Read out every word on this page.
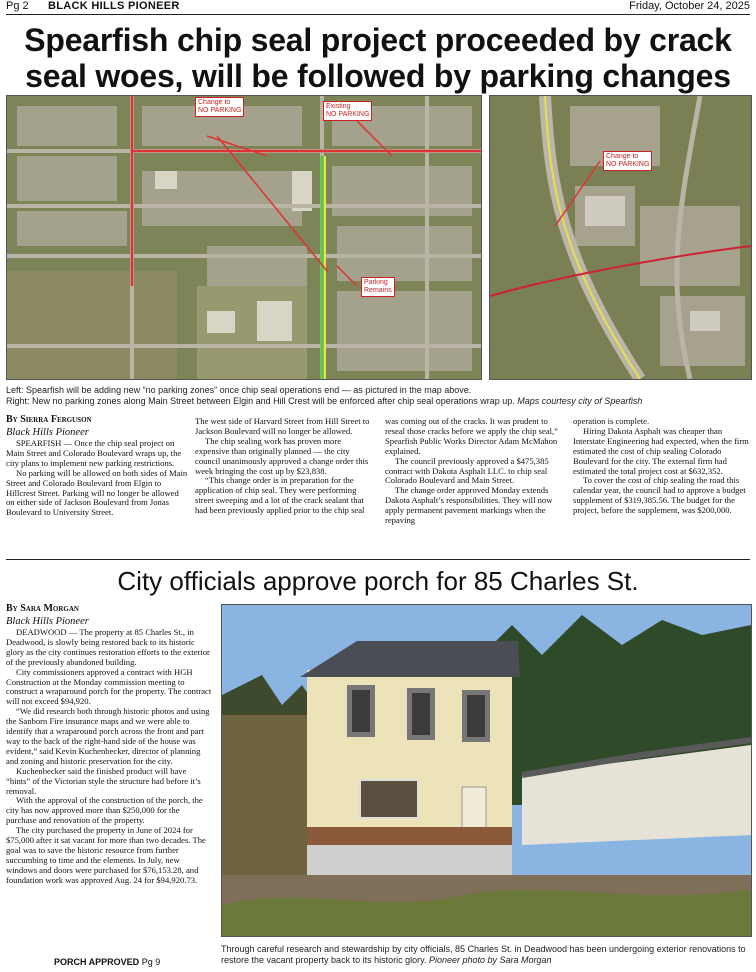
Pg 2 BLACK HILLS PIONEER	Friday, October 24, 2025
Spearfish chip seal project proceeded by crack
seal woes, will be followed by parking changes
Change to
NO PARKING
Existing
NO PARKING
Parking
Remains
Change to
NO PARKING
Left: Spearfish will be adding new “no parking zones” once chip seal operations end — as pictured in the map above.
Right: New no parking zones along Main Street between Elgin and Hill Crest will be enforced after chip seal operations wrap up. Maps courtesy city of Spearfish
By Sierra Ferguson
Black Hills Pioneer

SPEARFISH — Once the chip seal project on Main Street and Colorado Boulevard wraps up, the city plans to implement new parking restrictions.

No parking will be allowed on both sides of Main Street and Colorado Boulevard from Elgin to Hillcrest Street. Parking will no longer be allowed on either side of Jackson Boulevard from Jonas Boulevard to University Street.

The west side of Harvard Street from Hill Street to Jackson Boulevard will no longer be allowed.

The chip sealing work has proven more expensive than originally planned — the city council unanimously approved a change order this week bringing the cost up by $23,838.

“This change order is in preparation for the application of chip seal. They were performing street sweeping and a lot of the crack sealant that had been previously applied prior to the chip seal

was coming out of the cracks. It was prudent to reseal those cracks before we apply the chip seal,” Spearfish Public Works Director Adam McMahon explained.

The council previously approved a $475,385 contract with Dakota Asphalt LLC. to chip seal Colorado Boulevard and Main Street.

The change order approved Monday extends Dakota Asphalt’s responsibilities. They will now apply permanent pavement markings when the repaving

operation is complete.

Hiring Dakota Asphalt was cheaper than Interstate Engineering had expected, when the firm estimated the cost of chip sealing Colorado Boulevard for the city. The external firm had estimated the total project cost at $632,352.

To cover the cost of chip sealing the road this calendar year, the council had to approve a budget supplement of $319,385.56. The budget for the project, before the supplement, was $200,000.

City officials approve porch for 85 Charles St.
By Sara Morgan
Black Hills Pioneer

DEADWOOD — The property at 85 Charles St., in Deadwood, is slowly being restored back to its historic glory as the city continues restoration efforts to the exterior of the previously abandoned building.

City commissioners approved a contract with HGH Construction at the Monday commission meeting to construct a wraparound porch for the property. The contract will not exceed $94,920.

“We did research both through historic photos and using the Sanborn Fire insurance maps and we were able to identify that a wraparound porch across the front and part way to the back of the right-hand side of the house was evident,” said Kevin Kuchenbecker, director of planning and zoning and historic preservation for the city.

Kuchenbecker said the finished product will have “hints” of the Victorian style the structure had before it’s removal.

With the approval of the construction of the porch, the city has now approved more than $250,000 for the purchase and renovation of the property.

The city purchased the property in June of 2024 for $75,000 after it sat vacant for more than two decades. The goal was to save the historic resource from further succumbing to time and the elements. In July, new windows and doors were purchased for $76,153.28, and foundation work was approved Aug. 24 for $94,920.73.

PORCH APPROVED Pg 9
Through careful research and stewardship by city officials, 85 Charles St. in Deadwood has been undergoing exterior renovations to restore the vacant property back to its historic glory. Pioneer photo by Sara Morgan
